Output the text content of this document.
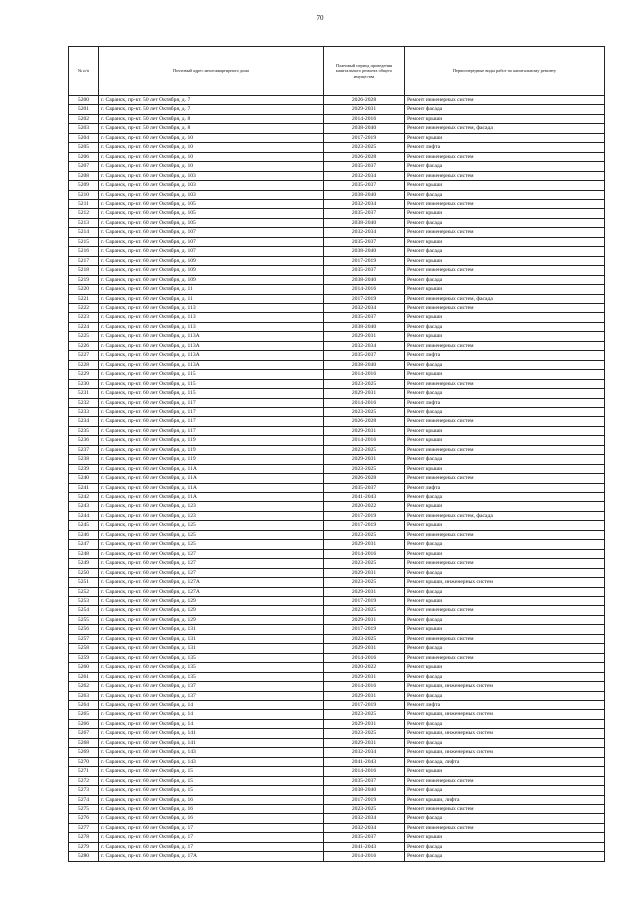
70
№ п/п	Почтовый адрес многоквартирного дома	Плановый период проведения капитального ремонта общего имущества	Первоочередные виды работ по капитальному ремонту
5200	г. Саранск, пр-кт. 50 лет Октября, д. 7	2026-2028	Ремонт инженерных систем
5201	г. Саранск, пр-кт. 50 лет Октября, д. 7	2029-2031	Ремонт фасада
5202	г. Саранск, пр-кт. 50 лет Октября, д. 8	2014-2016	Ремонт крыши
5203	г. Саранск, пр-кт. 50 лет Октября, д. 8	2038-2040	Ремонт инженерных систем, фасада
5204	г. Саранск, пр-кт. 60 лет Октября, д. 10	2017-2019	Ремонт крыши
5205	г. Саранск, пр-кт. 60 лет Октября, д. 10	2023-2025	Ремонт лифта
5206	г. Саранск, пр-кт. 60 лет Октября, д. 10	2026-2028	Ремонт инженерных систем
5207	г. Саранск, пр-кт. 60 лет Октября, д. 10	2035-2037	Ремонт фасада
5208	г. Саранск, пр-кт. 60 лет Октября, д. 103	2032-2034	Ремонт инженерных систем
5209	г. Саранск, пр-кт. 60 лет Октября, д. 103	2035-2037	Ремонт крыши
5210	г. Саранск, пр-кт. 60 лет Октября, д. 103	2038-2040	Ремонт фасада
5211	г. Саранск, пр-кт. 60 лет Октября, д. 105	2032-2034	Ремонт инженерных систем
5212	г. Саранск, пр-кт. 60 лет Октября, д. 105	2035-2037	Ремонт крыши
5213	г. Саранск, пр-кт. 60 лет Октября, д. 105	2038-2040	Ремонт фасада
5214	г. Саранск, пр-кт. 60 лет Октября, д. 107	2032-2034	Ремонт инженерных систем
5215	г. Саранск, пр-кт. 60 лет Октября, д. 107	2035-2037	Ремонт крыши
5216	г. Саранск, пр-кт. 60 лет Октября, д. 107	2038-2040	Ремонт фасада
5217	г. Саранск, пр-кт. 60 лет Октября, д. 109	2017-2019	Ремонт крыши
5218	г. Саранск, пр-кт. 60 лет Октября, д. 109	2035-2037	Ремонт инженерных систем
5219	г. Саранск, пр-кт. 60 лет Октября, д. 109	2038-2040	Ремонт фасада
5220	г. Саранск, пр-кт. 60 лет Октября, д. 11	2014-2016	Ремонт крыши
5221	г. Саранск, пр-кт. 60 лет Октября, д. 11	2017-2019	Ремонт инженерных систем, фасада
5222	г. Саранск, пр-кт. 60 лет Октября, д. 113	2032-2034	Ремонт инженерных систем
5223	г. Саранск, пр-кт. 60 лет Октября, д. 113	2035-2037	Ремонт крыши
5224	г. Саранск, пр-кт. 60 лет Октября, д. 113	2038-2040	Ремонт фасада
5225	г. Саранск, пр-кт. 60 лет Октября, д. 113А	2029-2031	Ремонт крыши
5226	г. Саранск, пр-кт. 60 лет Октября, д. 113А	2032-2034	Ремонт инженерных систем
5227	г. Саранск, пр-кт. 60 лет Октября, д. 113А	2035-2037	Ремонт лифта
5228	г. Саранск, пр-кт. 60 лет Октября, д. 113А	2038-2040	Ремонт фасада
5229	г. Саранск, пр-кт. 60 лет Октября, д. 115	2014-2016	Ремонт крыши
5230	г. Саранск, пр-кт. 60 лет Октября, д. 115	2023-2025	Ремонт инженерных систем
5231	г. Саранск, пр-кт. 60 лет Октября, д. 115	2029-2031	Ремонт фасада
5232	г. Саранск, пр-кт. 60 лет Октября, д. 117	2014-2016	Ремонт лифта
5233	г. Саранск, пр-кт. 60 лет Октября, д. 117	2023-2025	Ремонт фасада
5234	г. Саранск, пр-кт. 60 лет Октября, д. 117	2026-2028	Ремонт инженерных систем
5235	г. Саранск, пр-кт. 60 лет Октября, д. 117	2029-2031	Ремонт крыши
5236	г. Саранск, пр-кт. 60 лет Октября, д. 119	2014-2016	Ремонт крыши
5237	г. Саранск, пр-кт. 60 лет Октября, д. 119	2023-2025	Ремонт инженерных систем
5238	г. Саранск, пр-кт. 60 лет Октября, д. 119	2029-2031	Ремонт фасада
5239	г. Саранск, пр-кт. 60 лет Октября, д. 11А	2023-2025	Ремонт крыши
5240	г. Саранск, пр-кт. 60 лет Октября, д. 11А	2026-2028	Ремонт инженерных систем
5241	г. Саранск, пр-кт. 60 лет Октября, д. 11А	2035-2037	Ремонт лифта
5242	г. Саранск, пр-кт. 60 лет Октября, д. 11А	2041-2043	Ремонт фасада
5243	г. Саранск, пр-кт. 60 лет Октября, д. 123	2020-2022	Ремонт крыши
5244	г. Саранск, пр-кт. 60 лет Октября, д. 123	2017-2019	Ремонт инженерных систем, фасада
5245	г. Саранск, пр-кт. 60 лет Октября, д. 125	2017-2019	Ремонт крыши
5246	г. Саранск, пр-кт. 60 лет Октября, д. 125	2023-2025	Ремонт инженерных систем
5247	г. Саранск, пр-кт. 60 лет Октября, д. 125	2029-2031	Ремонт фасада
5248	г. Саранск, пр-кт. 60 лет Октября, д. 127	2014-2016	Ремонт крыши
5249	г. Саранск, пр-кт. 60 лет Октября, д. 127	2023-2025	Ремонт инженерных систем
5250	г. Саранск, пр-кт. 60 лет Октября, д. 127	2029-2031	Ремонт фасада
5251	г. Саранск, пр-кт. 60 лет Октября, д. 127А	2023-2025	Ремонт крыши, инженерных систем
5252	г. Саранск, пр-кт. 60 лет Октября, д. 127А	2029-2031	Ремонт фасада
5253	г. Саранск, пр-кт. 60 лет Октября, д. 129	2017-2019	Ремонт крыши
5254	г. Саранск, пр-кт. 60 лет Октября, д. 129	2023-2025	Ремонт инженерных систем
5255	г. Саранск, пр-кт. 60 лет Октября, д. 129	2029-2031	Ремонт фасада
5256	г. Саранск, пр-кт. 60 лет Октября, д. 131	2017-2019	Ремонт крыши
5257	г. Саранск, пр-кт. 60 лет Октября, д. 131	2023-2025	Ремонт инженерных систем
5258	г. Саранск, пр-кт. 60 лет Октября, д. 131	2029-2031	Ремонт фасада
5259	г. Саранск, пр-кт. 60 лет Октября, д. 135	2014-2016	Ремонт инженерных систем
5260	г. Саранск, пр-кт. 60 лет Октября, д. 135	2020-2022	Ремонт крыши
5261	г. Саранск, пр-кт. 60 лет Октября, д. 135	2029-2031	Ремонт фасада
5262	г. Саранск, пр-кт. 60 лет Октября, д. 137	2014-2016	Ремонт крыши, инженерных систем
5263	г. Саранск, пр-кт. 60 лет Октября, д. 137	2029-2031	Ремонт фасада
5264	г. Саранск, пр-кт. 60 лет Октября, д. 14	2017-2019	Ремонт лифта
5265	г. Саранск, пр-кт. 60 лет Октября, д. 14	2023-2025	Ремонт крыши, инженерных систем
5266	г. Саранск, пр-кт. 60 лет Октября, д. 14	2029-2031	Ремонт фасада
5267	г. Саранск, пр-кт. 60 лет Октября, д. 141	2023-2025	Ремонт крыши, инженерных систем
5268	г. Саранск, пр-кт. 60 лет Октября, д. 141	2029-2031	Ремонт фасада
5269	г. Саранск, пр-кт. 60 лет Октября, д. 143	2032-2034	Ремонт крыши, инженерных систем
5270	г. Саранск, пр-кт. 60 лет Октября, д. 143	2041-2043	Ремонт фасада, лифта
5271	г. Саранск, пр-кт. 60 лет Октября, д. 15	2014-2016	Ремонт крыши
5272	г. Саранск, пр-кт. 60 лет Октября, д. 15	2035-2037	Ремонт инженерных систем
5273	г. Саранск, пр-кт. 60 лет Октября, д. 15	2038-2040	Ремонт фасада
5274	г. Саранск, пр-кт. 60 лет Октября, д. 16	2017-2019	Ремонт крыши, лифта
5275	г. Саранск, пр-кт. 60 лет Октября, д. 16	2023-2025	Ремонт инженерных систем
5276	г. Саранск, пр-кт. 60 лет Октября, д. 16	2032-2034	Ремонт фасада
5277	г. Саранск, пр-кт. 60 лет Октября, д. 17	2032-2034	Ремонт инженерных систем
5278	г. Саранск, пр-кт. 60 лет Октября, д. 17	2035-2037	Ремонт крыши
5279	г. Саранск, пр-кт. 60 лет Октября, д. 17	2041-2043	Ремонт фасада
5280	г. Саранск, пр-кт. 60 лет Октября, д. 17А	2014-2016	Ремонт фасада
